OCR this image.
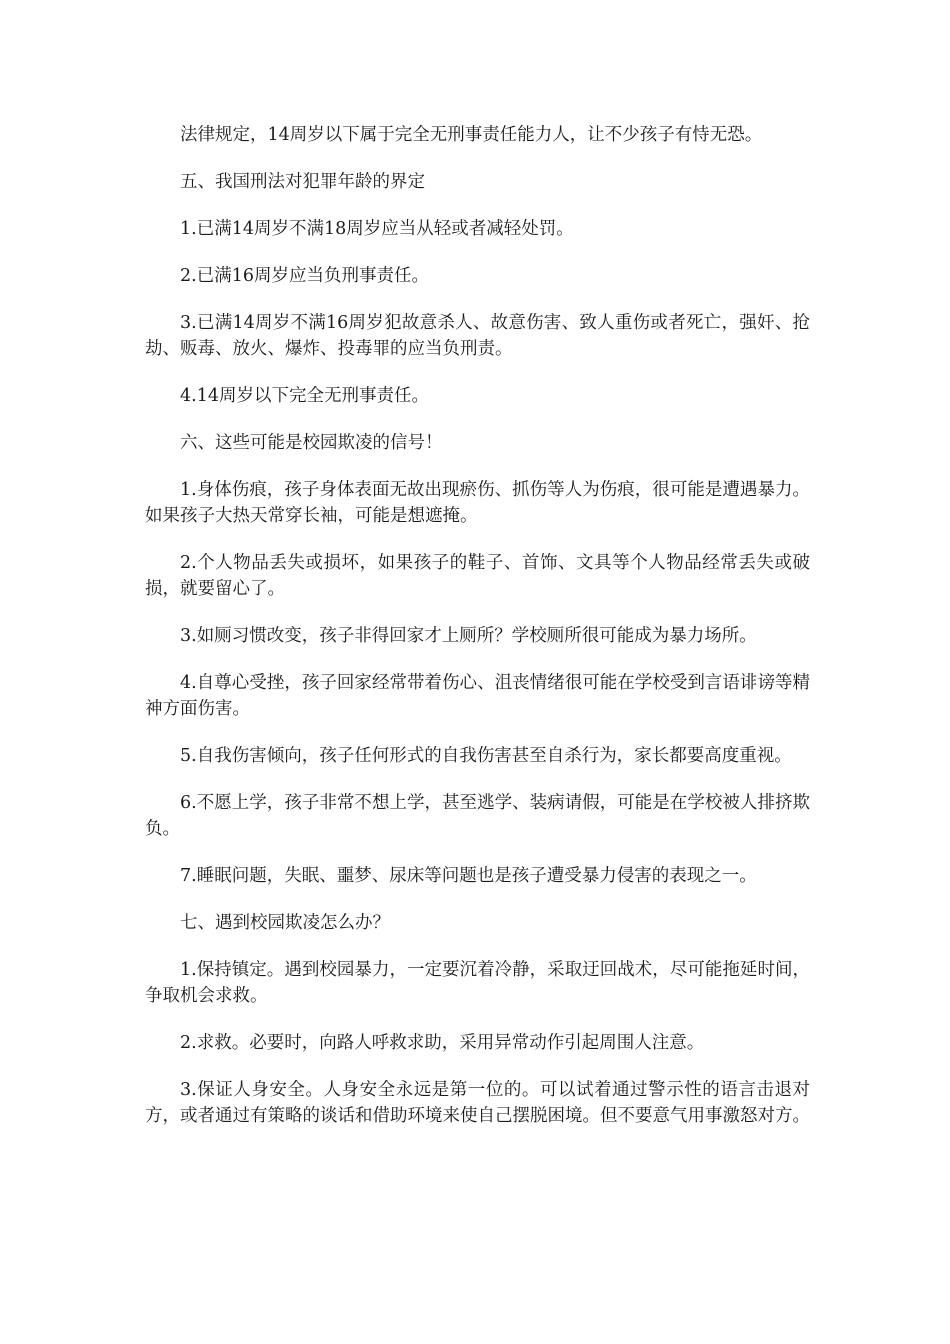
法律规定，14周岁以下属于完全无刑事责任能力人，让不少孩子有恃无恐。

五、我国刑法对犯罪年龄的界定

1.已满14周岁不满18周岁应当从轻或者减轻处罚。

2.已满16周岁应当负刑事责任。

3.已满14周岁不满16周岁犯故意杀人、故意伤害、致人重伤或者死亡，强奸、抢劫、贩毒、放火、爆炸、投毒罪的应当负刑责。

4.14周岁以下完全无刑事责任。

六、这些可能是校园欺凌的信号！

1.身体伤痕，孩子身体表面无故出现瘀伤、抓伤等人为伤痕，很可能是遭遇暴力。如果孩子大热天常穿长袖，可能是想遮掩。

2.个人物品丢失或损坏，如果孩子的鞋子、首饰、文具等个人物品经常丢失或破损，就要留心了。

3.如厕习惯改变，孩子非得回家才上厕所？学校厕所很可能成为暴力场所。

4.自尊心受挫，孩子回家经常带着伤心、沮丧情绪很可能在学校受到言语诽谤等精神方面伤害。

5.自我伤害倾向，孩子任何形式的自我伤害甚至自杀行为，家长都要高度重视。

6.不愿上学，孩子非常不想上学，甚至逃学、装病请假，可能是在学校被人排挤欺负。

7.睡眠问题，失眠、噩梦、尿床等问题也是孩子遭受暴力侵害的表现之一。

七、遇到校园欺凌怎么办？

1.保持镇定。遇到校园暴力，一定要沉着冷静，采取迂回战术，尽可能拖延时间，争取机会求救。

2.求救。必要时，向路人呼救求助，采用异常动作引起周围人注意。

3.保证人身安全。人身安全永远是第一位的。可以试着通过警示性的语言击退对方，或者通过有策略的谈话和借助环境来使自己摆脱困境。但不要意气用事激怒对方。
